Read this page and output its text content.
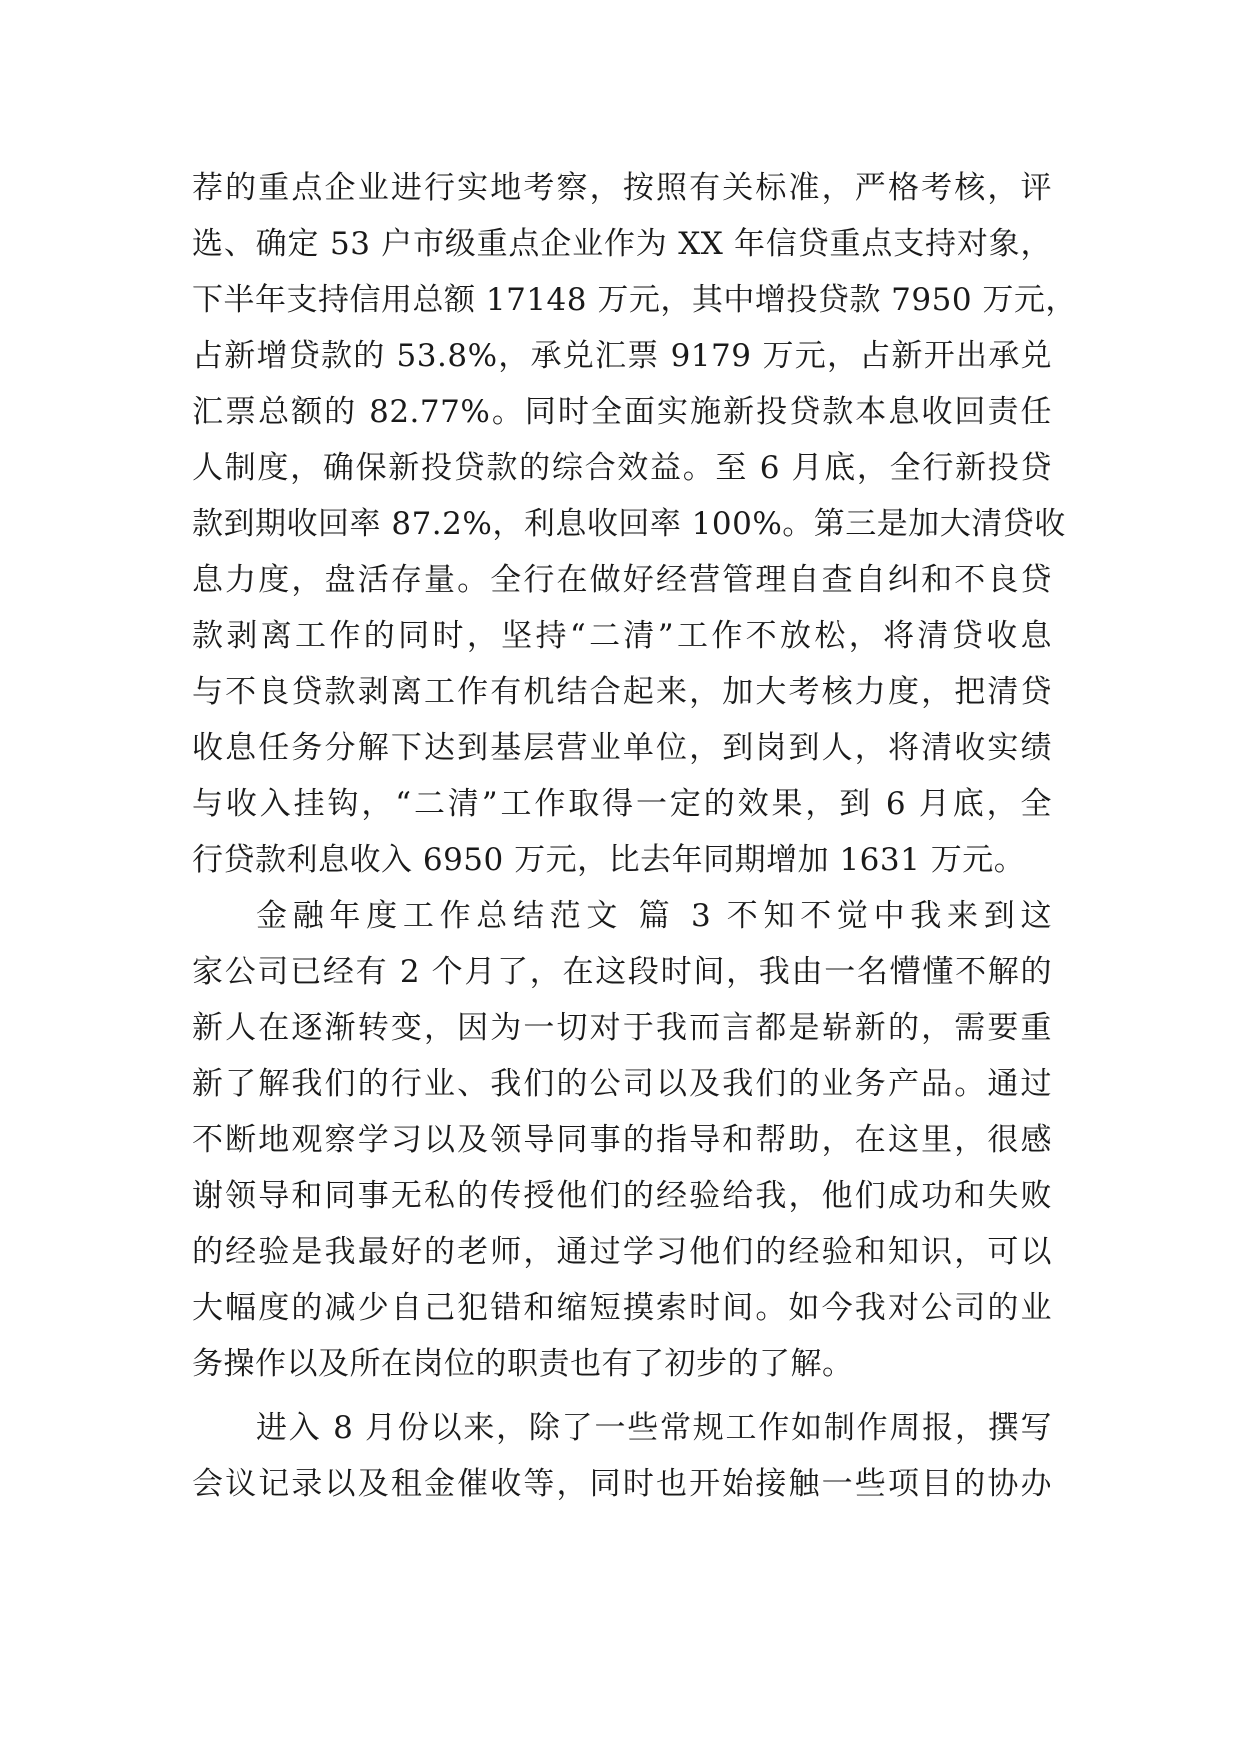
荐的重点企业进行实地考察，按照有关标准，严格考核，评
选、确定 53 户市级重点企业作为 XX 年信贷重点支持对象，
下半年支持信用总额 17148 万元，其中增投贷款 7950 万元，
占新增贷款的 53.8%，承兑汇票 9179 万元，占新开出承兑
汇票总额的 82.77%。同时全面实施新投贷款本息收回责任
人制度，确保新投贷款的综合效益。至 6 月底，全行新投贷
款到期收回率 87.2%，利息收回率 100%。第三是加大清贷收
息力度，盘活存量。全行在做好经营管理自查自纠和不良贷
款剥离工作的同时，坚持“二清”工作不放松，将清贷收息
与不良贷款剥离工作有机结合起来，加大考核力度，把清贷
收息任务分解下达到基层营业单位，到岗到人，将清收实绩
与收入挂钩，“二清”工作取得一定的效果，到 6 月底，全
行贷款利息收入 6950 万元，比去年同期增加 1631 万元。
金融年度工作总结范文 篇 3 不知不觉中我来到这
家公司已经有 2 个月了，在这段时间，我由一名懵懂不解的
新人在逐渐转变，因为一切对于我而言都是崭新的，需要重
新了解我们的行业、我们的公司以及我们的业务产品。通过
不断地观察学习以及领导同事的指导和帮助，在这里，很感
谢领导和同事无私的传授他们的经验给我，他们成功和失败
的经验是我最好的老师，通过学习他们的经验和知识，可以
大幅度的减少自己犯错和缩短摸索时间。如今我对公司的业
务操作以及所在岗位的职责也有了初步的了解。
进入 8 月份以来，除了一些常规工作如制作周报，撰写
会议记录以及租金催收等，同时也开始接触一些项目的协办
